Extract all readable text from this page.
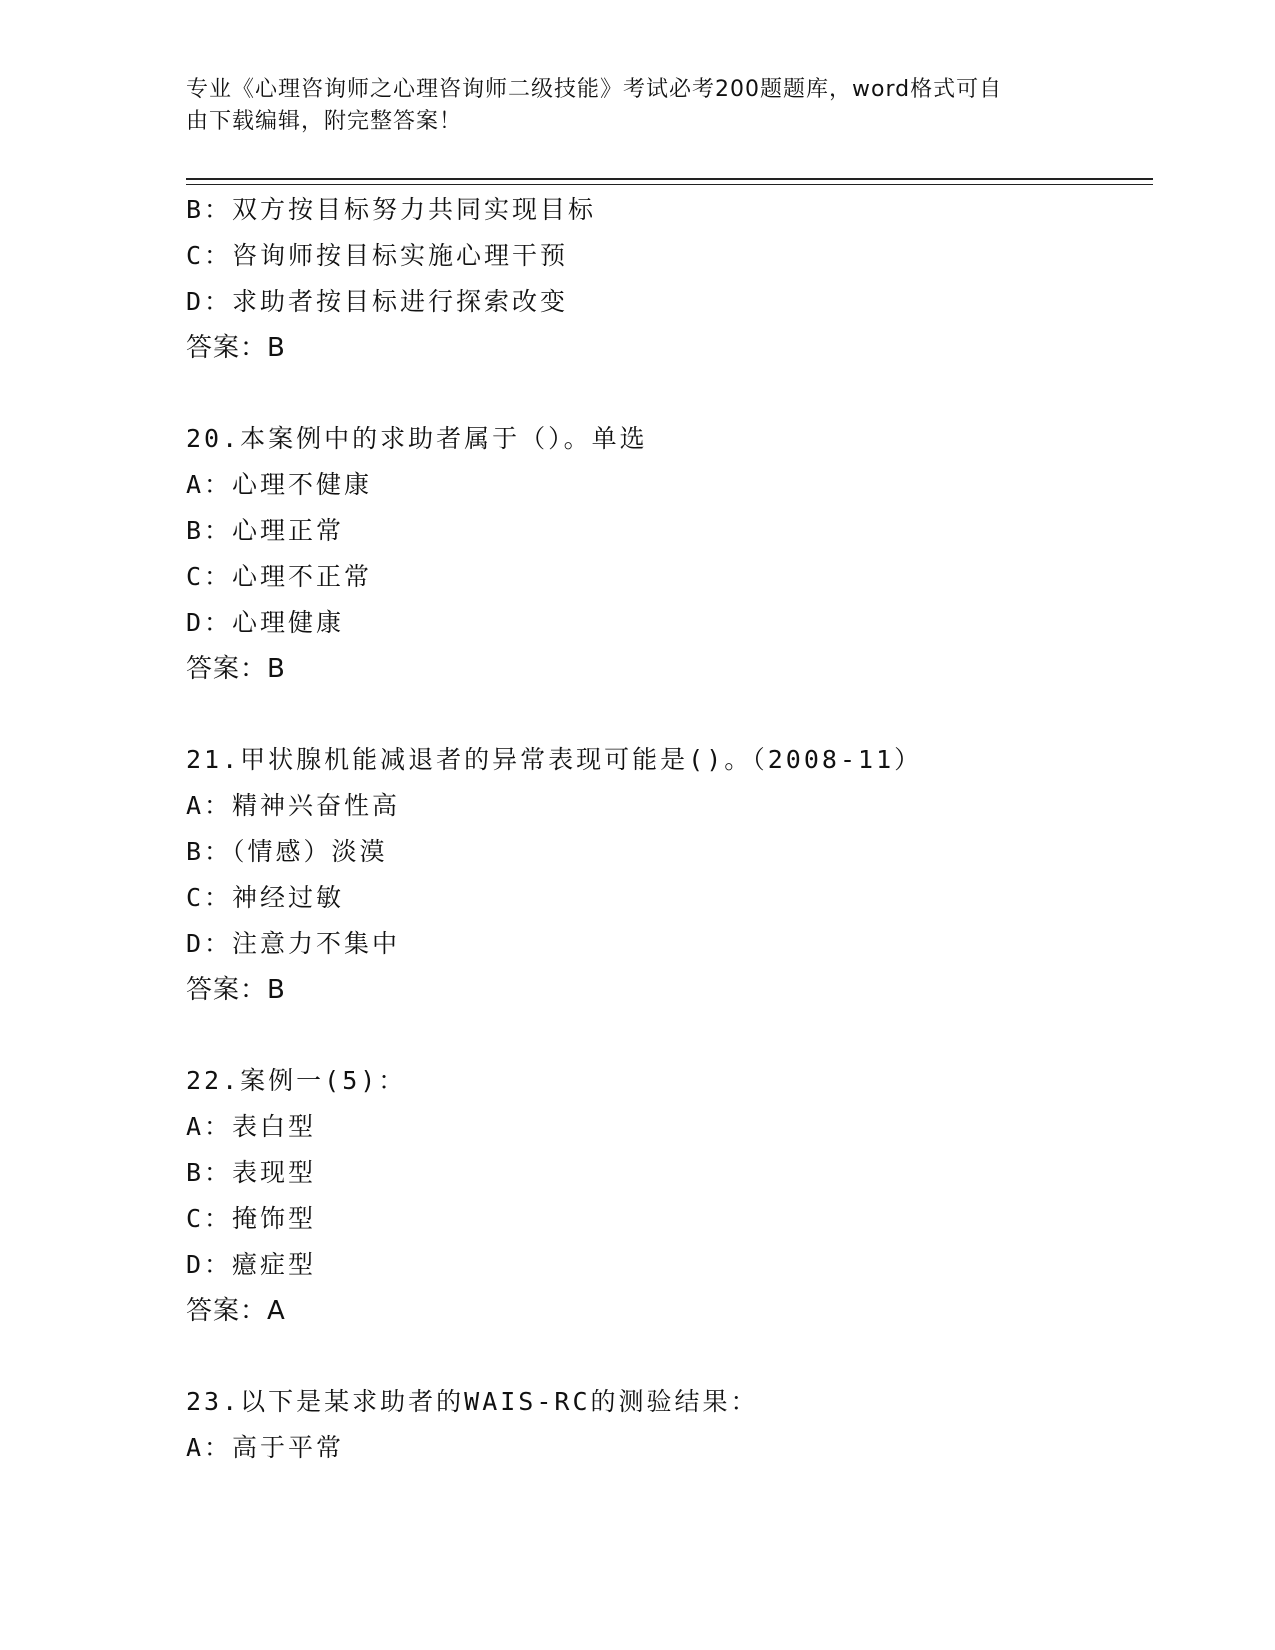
专业《心理咨询师之心理咨询师二级技能》考试必考200题题库，word格式可自
由下载编辑，附完整答案！
B：双方按目标努力共同实现目标
C：咨询师按目标实施心理干预
D：求助者按目标进行探索改变
答案：B
20.本案例中的求助者属于（）。单选
A：心理不健康
B：心理正常
C：心理不正常
D：心理健康
答案：B
21.甲状腺机能减退者的异常表现可能是()。（2008-11）
A：精神兴奋性高
B：（情感）淡漠
C：神经过敏
D：注意力不集中
答案：B
22.案例一(5)：
A：表白型
B：表现型
C：掩饰型
D：癔症型
答案：A
23.以下是某求助者的WAIS-RC的测验结果：
A：高于平常
